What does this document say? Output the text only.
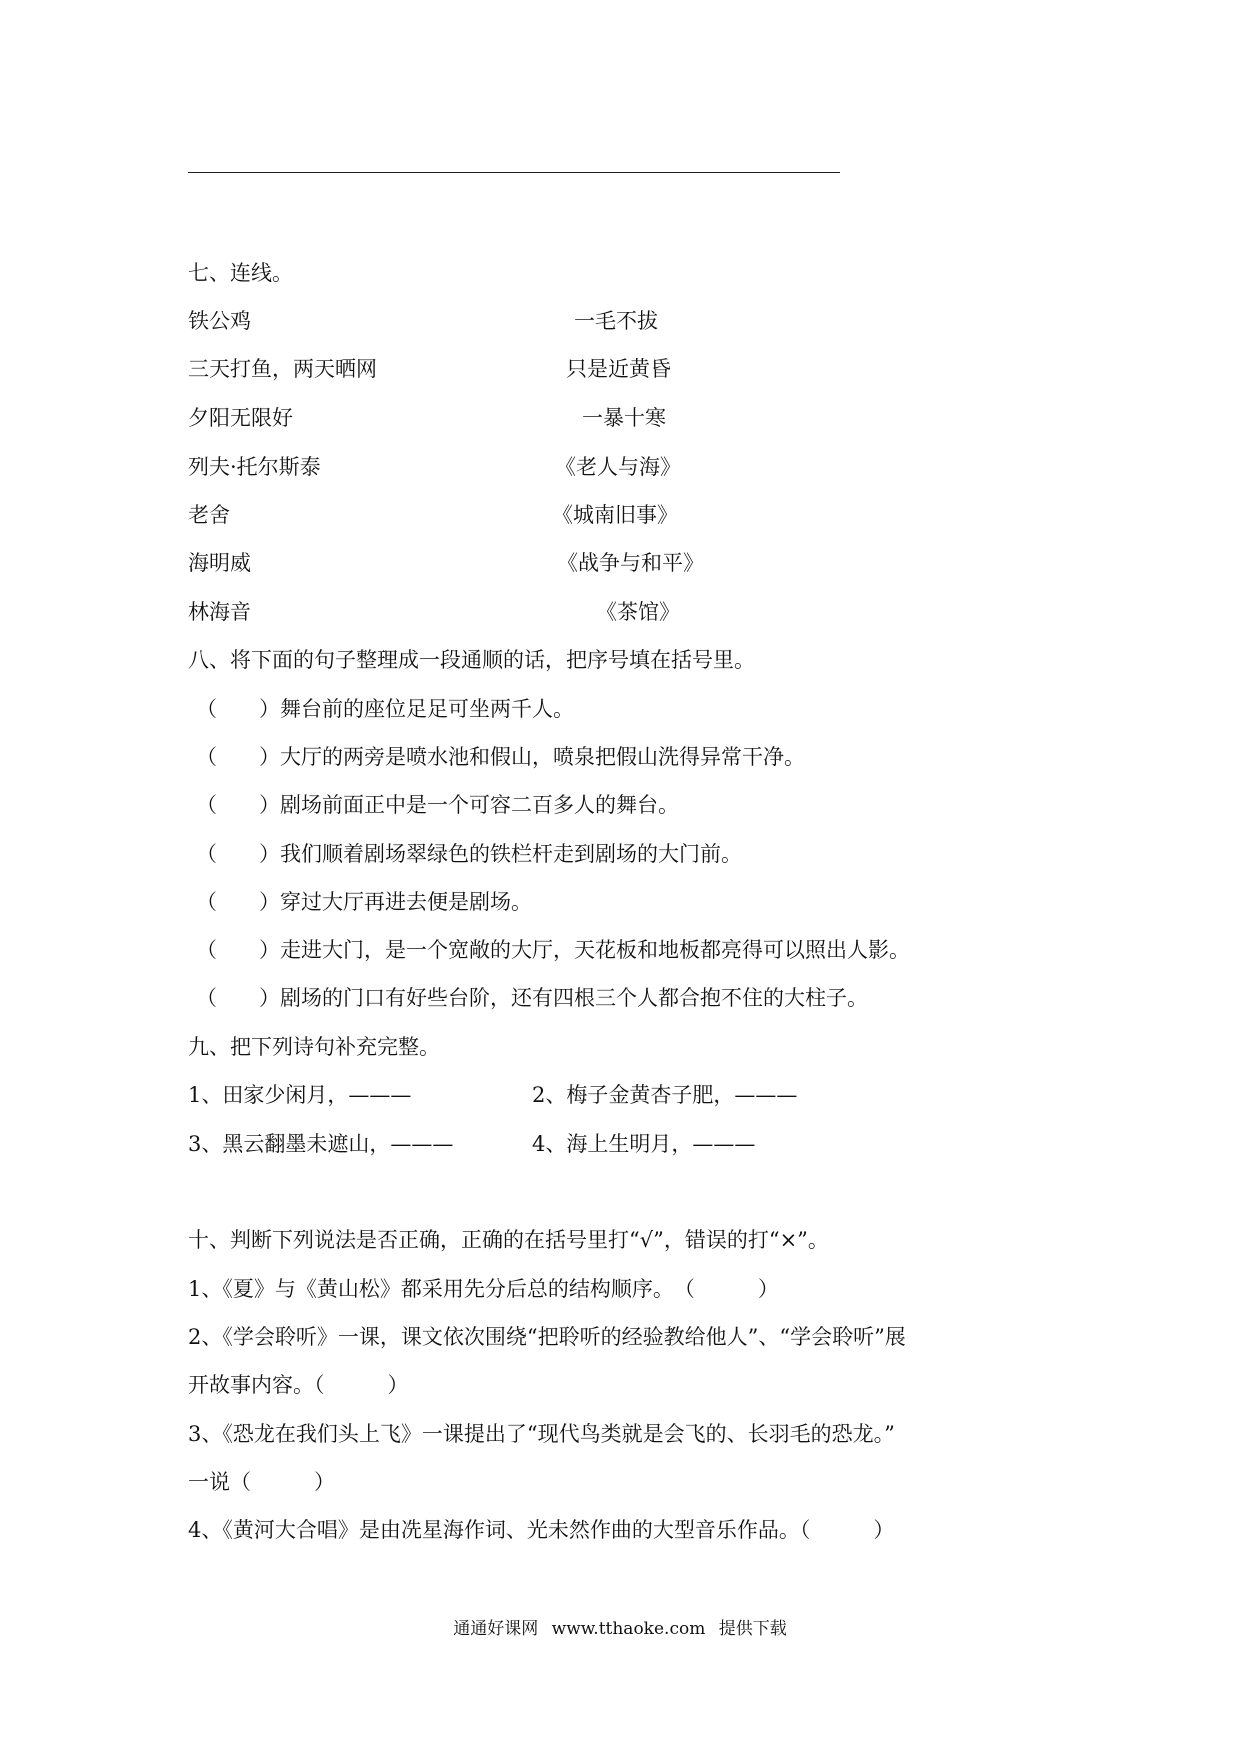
七、连线。
铁公鸡	一毛不拔
三天打鱼，两天晒网	只是近黄昏
夕阳无限好	一暴十寒
列夫·托尔斯泰	《老人与海》
老舍	《城南旧事》
海明威	《战争与和平》
林海音	《茶馆》
八、将下面的句子整理成一段通顺的话，把序号填在括号里。
（　　）舞台前的座位足足可坐两千人。
（　　）大厅的两旁是喷水池和假山，喷泉把假山洗得异常干净。
（　　）剧场前面正中是一个可容二百多人的舞台。
（　　）我们顺着剧场翠绿色的铁栏杆走到剧场的大门前。
（　　）穿过大厅再进去便是剧场。
（　　）走进大门，是一个宽敞的大厅，天花板和地板都亮得可以照出人影。
（　　）剧场的门口有好些台阶，还有四根三个人都合抱不住的大柱子。
九、把下列诗句补充完整。
1、田家少闲月，———	2、梅子金黄杏子肥，———
3、黑云翻墨未遮山，———	4、海上生明月，———
十、判断下列说法是否正确，正确的在括号里打“√”，错误的打“×”。
1、《夏》与《黄山松》都采用先分后总的结构顺序。　（　　　）
2、《学会聆听》一课，课文依次围绕“把聆听的经验教给他人”、“学会聆听”展
开故事内容。（　　　）
3、《恐龙在我们头上飞》一课提出了“现代鸟类就是会飞的、长羽毛的恐龙。”
一说（　　　）
4、《黄河大合唱》是由冼星海作词、光未然作曲的大型音乐作品。（　　　）
通通好课网 www.tthaoke.com 提供下载
